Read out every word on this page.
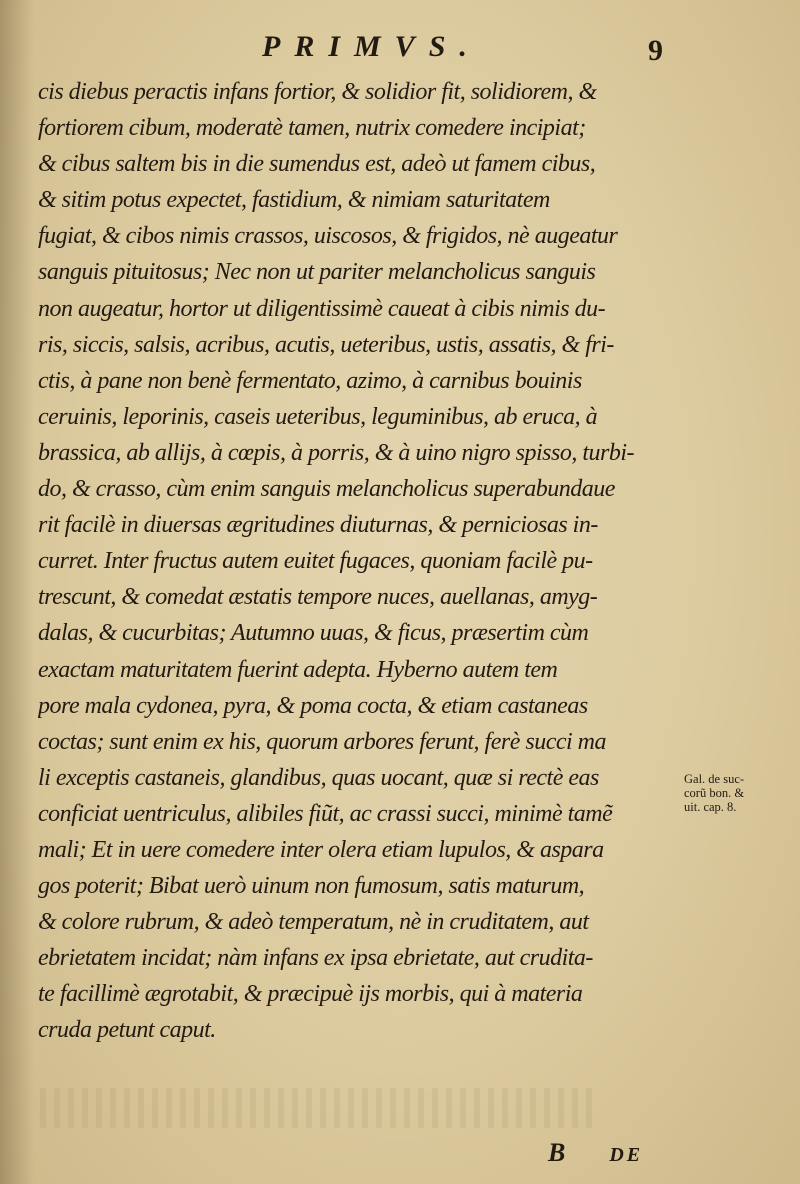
PRIMVS.	9
cis diebus peractis infans fortior, & solidior fit, solidiorem, &
fortiorem cibum, moderatè tamen, nutrix comedere incipiat;
& cibus saltem bis in die sumendus est, adeò ut famem cibus,
& sitim potus expectet, fastidium, & nimiam saturitatem
fugiat, & cibos nimis crassos, uiscosos, & frigidos, nè augeatur
sanguis pituitosus; Nec non ut pariter melancholicus sanguis
non augeatur, hortor ut diligentissimè caueat à cibis nimis du-
ris, siccis, salsis, acribus, acutis, ueteribus, ustis, assatis, & fri-
ctis, à pane non benè fermentato, azimo, à carnibus bouinis
ceruinis, leporinis, caseis ueteribus, leguminibus, ab eruca, à
brassica, ab allijs, à cœpis, à porris, & à uino nigro spisso, turbi-
do, & crasso, cùm enim sanguis melancholicus superabundaue
rit facilè in diuersas ægritudines diuturnas, & perniciosas in-
curret. Inter fructus autem euitet fugaces, quoniam facilè pu-
trescunt, & comedat æstatis tempore nuces, auellanas, amyg-
dalas, & cucurbitas; Autumno uuas, & ficus, præsertim cùm
exactam maturitatem fuerint adepta. Hyberno autem tem
pore mala cydonea, pyra, & poma cocta, & etiam castaneas
coctas; sunt enim ex his, quorum arbores ferunt, ferè succi ma
li exceptis castaneis, glandibus, quas uocant, quæ si rectè eas
conficiat uentriculus, alibiles fiũt, ac crassi succi, minimè tamẽ
mali; Et in uere comedere inter olera etiam lupulos, & aspara
gos poterit; Bibat uerò uinum non fumosum, satis maturum,
& colore rubrum, & adeò temperatum, nè in cruditatem, aut
ebrietatem incidat; nàm infans ex ipsa ebrietate, aut crudita-
te facillimè ægrotabit, & præcipuè ijs morbis, qui à materia
cruda petunt caput.
Gal. de suc-
corũ bon. &
uit. cap. 8.
B DE
